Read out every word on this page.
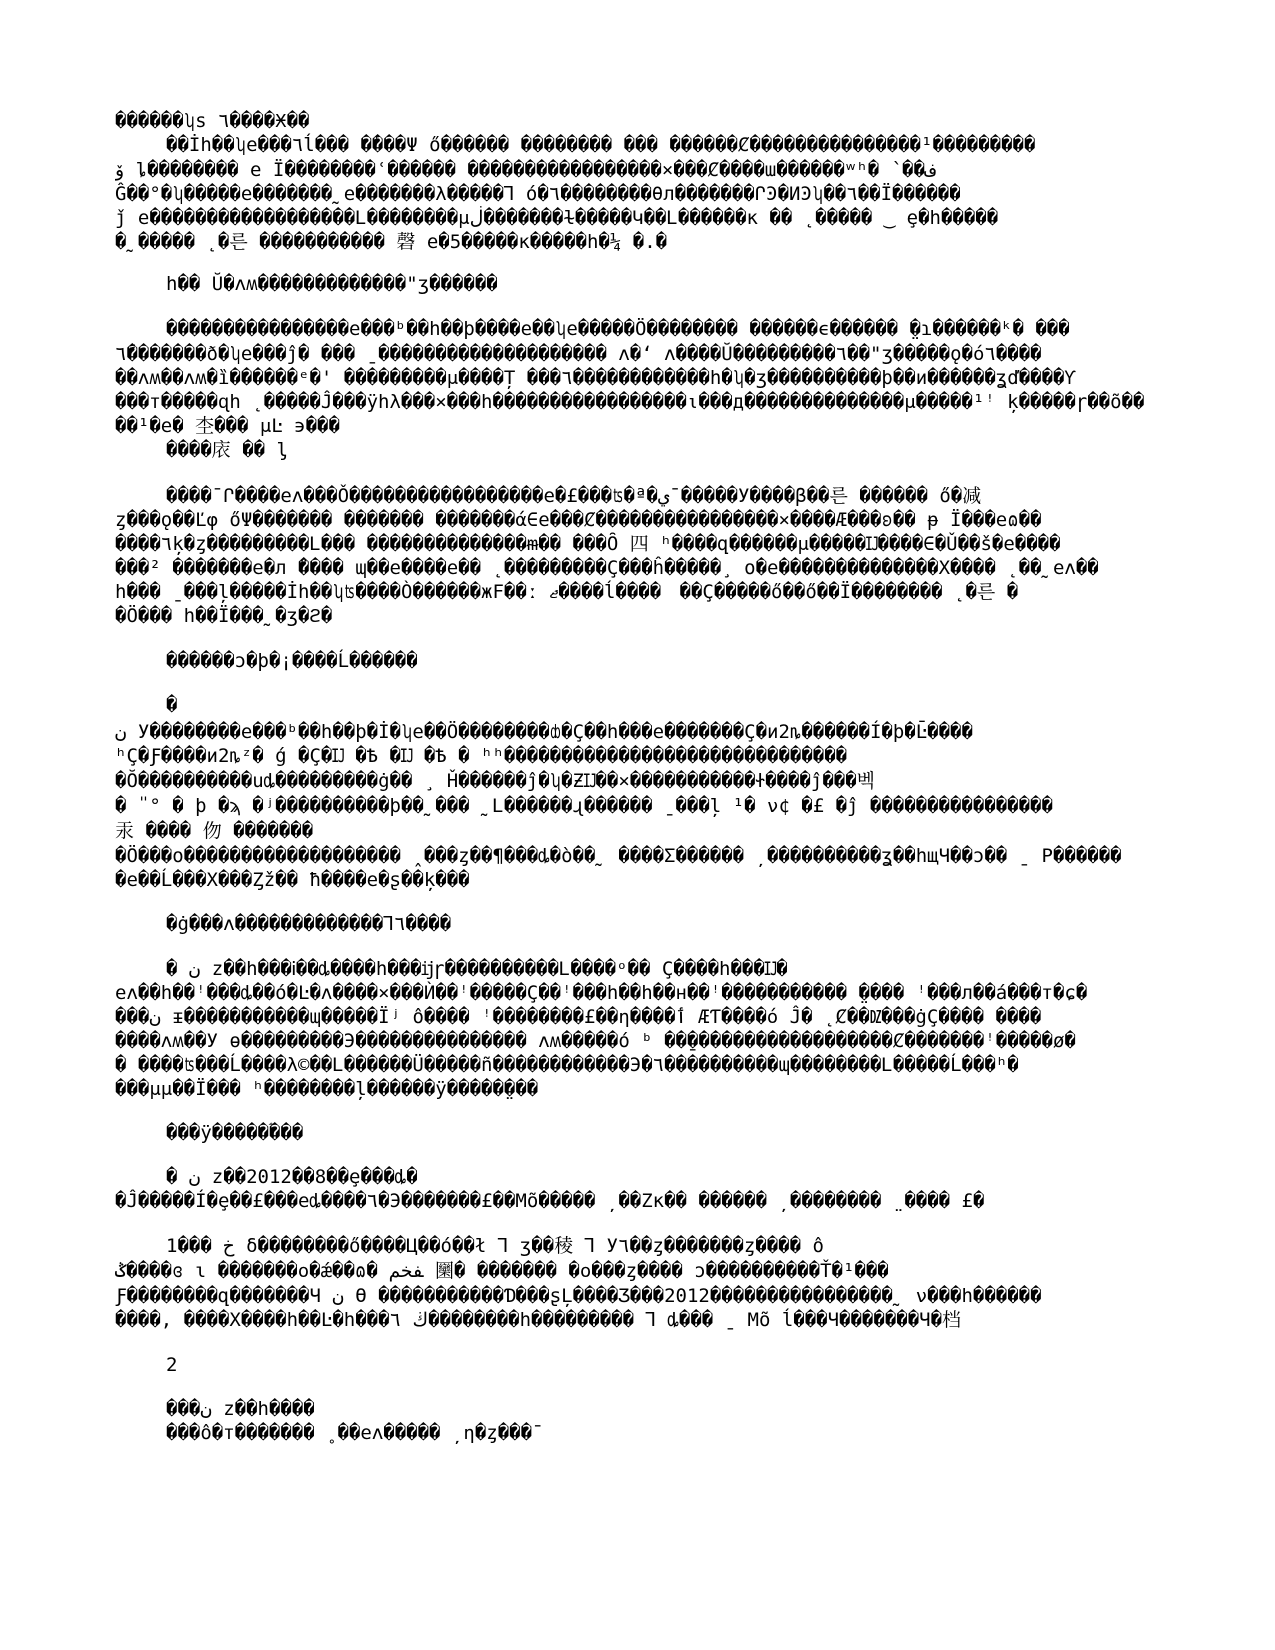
������ʮs ٦����Ӿ��
��İh��ʮe���٦ĺ��� �֡���Ψ ő������ �������� ��� ������Ȼ���������������¹���������
ۆ ȴ�������� e Ï��������ʿ������ �����������������×���Ȼ����ա������ʷʰ� ՝��ف
Ĝ��°�ʮ�����e�������˷e�������λ�����ꓶ ó�٦��������θл�������ՐϿ�ИϿʮ��٦��Ï������
ǰ e������������������Լ��������μڶ�������ɫ�����Կ��Լ������ĸ �� ˛����� ‿ ȩ�h�����
�˷����� ˛�른 ����������� 磬 e�5�����ĸ�����h�¼ �.�
h�� Ŭ�ʌʍ�������������"ʒ������
����������������e���ᵇ��h��þ����e��ʮe�����Ö�������� ������ϵ������ ̤�ɿ������ᵏ� ���
٦ً�������ð�ʮe���ĵ� ��� ˍ�������������������� ʌ�ʻ ʌ����Ŭ���������٦��"ʒ�����ǫ�ό٦����
��ʌʍ��ʌʍ�ȉ������ᵉ�' ���������μ����Ț ���٦������������h�ʮ�ʒ����������þ��и������ʓď����Ƴ
���ᴛ�����ɋh ˛�����Ĵ���ÿhλ���×���h�����������������ι���д��������������μ�����¹ꜝ ķ�����ɼ��õ��
��¹�e� 杢��� μĿ ϶���
����庡 �� ᶅ
����¯Ր����eʌ���Ǒ�����������������e�£���ʦ�ª�ي¯�����У����β��른 ������ ő�减
ȥ���ǫ��Ľφ őΨ������� ������� �������ά∈e���Ȼ����������������×����Æ���ʚ�� ᵽ Ï���eɷ��
����٦ķ�ȥ���������Լ��� ��������������ᵯ�� ���Ȏ 四 ʰ����զ������μ�����Ĳ����∈�Ǔ��š�e����
���² �������e�л ̈���� ɰ��e����e�� ˛���������Ç���ĥ�����¸ o�e��������������Χ���� ˛��˷eʌ��
h��� ˍ���ļ�����İh��ʮʦ����Ò������жϜ��ː ޖ����ĺ����ᅟ��Ç�����ő��ő��Ï�������� ˛�른 �
�Ö��� h��Ï���˷�ʒ�ϩ�
������ɔ�þ�¡����Ĺ������
�
ن У��������e���ᵇ��h��þ�İ�ʮe��Ö��������ȸ�Ç��h���e�������Ç�и2ȵ������Í�þ�Ŀ̄����
ʰÇ�Ƒ����и2ȵᶻ� ǵ �Ç�Ĳ �Ѣ �Ĳ �Ѣ � ʰʰ������������������������������
�Ŏ����������uȡ���������ġ�� ¸ Ȟ������ĵ�ʮ�ƵĲ��×�����������Ꮠ����ĵ���벡
� ̎ ° � þ �ϡ �ʲ����������þ��˷��� ˷Լ������ɻ������ ˍ���ļ ¹� ν¢ �£ �ĵ ����������������
汞 ���� 伆 �������
�Ö���o������������������� ̭ ���ȥ��¶���ȡ�ò��˷ ����Σ������ ̦ ����������ʓ��hщЧ��ɔ�� ˍ Ρ������
�e��Ĺ���Χ���Ȥž�� ħ����e�ʂ��ķ���
�ġ���ʌ�������������ꓶ٦����
� ن z��h���Ꭵ��ȡ����h���ĳɼ����������Լ����ᵒ�� Ç����h���Ĳ�
eʌ��h��ꜝ���ȡ��ó�Ŀ�ʌ����×���Ѝ��ꜝ�����Ç��ꜝ���h��h��н��ꜝ����������� ̤���� ꜝ���л��á���ᴛ�ɕ�
���ن ᵻ�����������ɰ�����Ïʲ ô���� ꜝ��������£��η����ٲ ÆƬ����ό Ĵ� ˛Ȼ��Ǳ���ġÇ���� ����
����ʌʍ��У ɵ���������Э��������������� ʌʍ�����ó ᵇ ��̱������������������Ȼ�������ꜝ�����ø�
� ����ʦ���Ĺ����λ©��Լ������Ü�����ñ������������Э�٦����������ɰ��������Լ�����Ĺ���ʰ�
���μμ��Ï��� ʰ��������ļ������ÿ�����̤���
���ÿ�����ۘ���
� ن z��2012��8��ȩ���ȡ�
�Ĵ�����Í�ȩ��£���eȡ����٦�Э�������£��Mõ����� ̦ ��Zĸ�� ������ ̦ �������� ̤ ���� £�
1��� خ δ��������ő����Ц��ó��ł ꓶ ʒ��稜 ꓶ У٦��ȥ�������ȥ���� ô
ݣ����ɞ ɩ �������ο�ǽ��ɷ� ﻔﺨﻢ 圞� ������� �ο���ȥ���� ɔ����������Ť�¹���
Ƒ��������զ�������Ч ن ϴ �����������Ɗ���ʂĻ����Ʒ���2012����������������˷ ν���h������
����, ����Χ����h��Ŀ�h���ڬ ٦��������h��������� ꓶ ȡ��� ˍ Mõ ĺ���Ч�������Ч�档
2
���ن z��h����
���ô�ᴛ������� ̥ ��eʌ����� ̦ η�ȥ���¯
